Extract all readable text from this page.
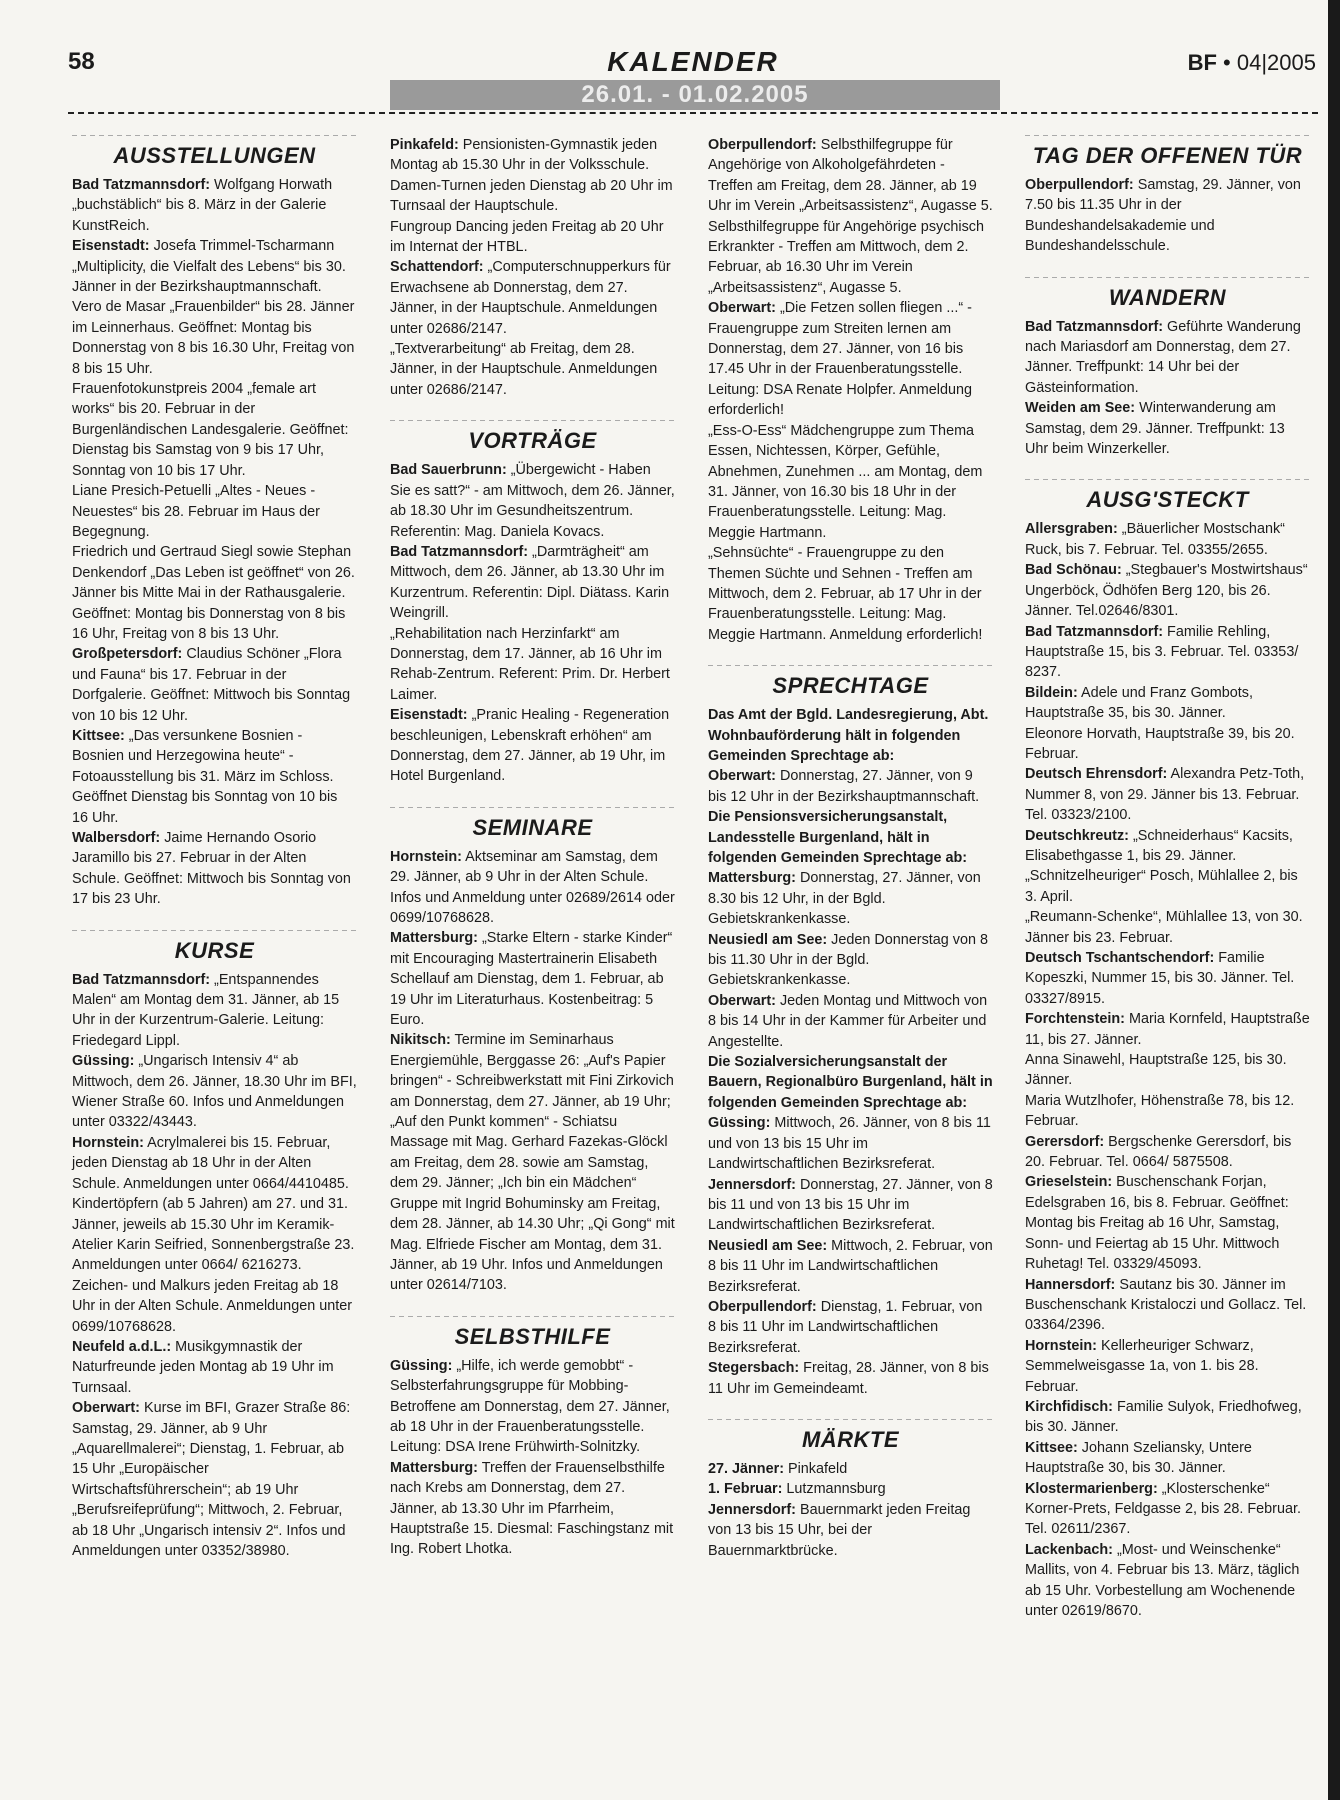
58	KALENDER	BF • 04|2005
26.01. - 01.02.2005
AUSSTELLUNGEN

Bad Tatzmannsdorf: Wolfgang Horwath „buchstäblich“ bis 8. März in der Galerie KunstReich.

Eisenstadt: Josefa Trimmel-Tscharmann „Multiplicity, die Vielfalt des Lebens“ bis 30. Jänner in der Bezirkshauptmannschaft.

Vero de Masar „Frauenbilder“ bis 28. Jänner im Leinnerhaus. Geöffnet: Montag bis Donnerstag von 8 bis 16.30 Uhr, Freitag von 8 bis 15 Uhr.

Frauenfotokunstpreis 2004 „female art works“ bis 20. Februar in der Burgenländischen Landesgalerie. Geöffnet: Dienstag bis Samstag von 9 bis 17 Uhr, Sonntag von 10 bis 17 Uhr.

Liane Presich-Petuelli „Altes - Neues - Neuestes“ bis 28. Februar im Haus der Begegnung.

Friedrich und Gertraud Siegl sowie Stephan Denkendorf „Das Leben ist geöffnet“ von 26. Jänner bis Mitte Mai in der Rathausgalerie. Geöffnet: Montag bis Donnerstag von 8 bis 16 Uhr, Freitag von 8 bis 13 Uhr.

Großpetersdorf: Claudius Schöner „Flora und Fauna“ bis 17. Februar in der Dorfgalerie. Geöffnet: Mittwoch bis Sonntag von 10 bis 12 Uhr.

Kittsee: „Das versunkene Bosnien - Bosnien und Herzegowina heute“ - Fotoausstellung bis 31. März im Schloss. Geöffnet Dienstag bis Sonntag von 10 bis 16 Uhr.

Walbersdorf: Jaime Hernando Osorio Jaramillo bis 27. Februar in der Alten Schule. Geöffnet: Mittwoch bis Sonntag von 17 bis 23 Uhr.

KURSE

Bad Tatzmannsdorf: „Entspannendes Malen“ am Montag dem 31. Jänner, ab 15 Uhr in der Kurzentrum-Galerie. Leitung: Friedegard Lippl.

Güssing: „Ungarisch Intensiv 4“ ab Mittwoch, dem 26. Jänner, 18.30 Uhr im BFI, Wiener Straße 60. Infos und Anmeldungen unter 03322/43443.

Hornstein: Acrylmalerei bis 15. Februar, jeden Dienstag ab 18 Uhr in der Alten Schule. Anmeldungen unter 0664/4410485.

Kindertöpfern (ab 5 Jahren) am 27. und 31. Jänner, jeweils ab 15.30 Uhr im Keramik-Atelier Karin Seifried, Sonnenbergstraße 23. Anmeldungen unter 0664/ 6216273.

Zeichen- und Malkurs jeden Freitag ab 18 Uhr in der Alten Schule. Anmeldungen unter 0699/10768628.

Neufeld a.d.L.: Musikgymnastik der Naturfreunde jeden Montag ab 19 Uhr im Turnsaal.

Oberwart: Kurse im BFI, Grazer Straße 86: Samstag, 29. Jänner, ab 9 Uhr „Aquarellmalerei“; Dienstag, 1. Februar, ab 15 Uhr „Europäischer Wirtschaftsführerschein“; ab 19 Uhr „Berufsreifeprüfung“; Mittwoch, 2. Februar, ab 18 Uhr „Ungarisch intensiv 2“. Infos und Anmeldungen unter 03352/38980.

Pinkafeld: Pensionisten-Gymnastik jeden Montag ab 15.30 Uhr in der Volksschule.

Damen-Turnen jeden Dienstag ab 20 Uhr im Turnsaal der Hauptschule.

Fungroup Dancing jeden Freitag ab 20 Uhr im Internat der HTBL.

Schattendorf: „Computerschnupperkurs für Erwachsene ab Donnerstag, dem 27. Jänner, in der Hauptschule. Anmeldungen unter 02686/2147.

„Textverarbeitung“ ab Freitag, dem 28. Jänner, in der Hauptschule. Anmeldungen unter 02686/2147.

VORTRÄGE

Bad Sauerbrunn: „Übergewicht - Haben Sie es satt?“ - am Mittwoch, dem 26. Jänner, ab 18.30 Uhr im Gesundheitszentrum. Referentin: Mag. Daniela Kovacs.

Bad Tatzmannsdorf: „Darmträgheit“ am Mittwoch, dem 26. Jänner, ab 13.30 Uhr im Kurzentrum. Referentin: Dipl. Diätass. Karin Weingrill.

„Rehabilitation nach Herzinfarkt“ am Donnerstag, dem 17. Jänner, ab 16 Uhr im Rehab-Zentrum. Referent: Prim. Dr. Herbert Laimer.

Eisenstadt: „Pranic Healing - Regeneration beschleunigen, Lebenskraft erhöhen“ am Donnerstag, dem 27. Jänner, ab 19 Uhr, im Hotel Burgenland.

SEMINARE

Hornstein: Aktseminar am Samstag, dem 29. Jänner, ab 9 Uhr in der Alten Schule. Infos und Anmeldung unter 02689/2614 oder 0699/10768628.

Mattersburg: „Starke Eltern - starke Kinder“ mit Encouraging Mastertrainerin Elisabeth Schellauf am Dienstag, dem 1. Februar, ab 19 Uhr im Literaturhaus. Kostenbeitrag: 5 Euro.

Nikitsch: Termine im Seminarhaus Energiemühle, Berggasse 26: „Auf's Papier bringen“ - Schreibwerkstatt mit Fini Zirkovich am Donnerstag, dem 27. Jänner, ab 19 Uhr; „Auf den Punkt kommen“ - Schiatsu Massage mit Mag. Gerhard Fazekas-Glöckl am Freitag, dem 28. sowie am Samstag, dem 29. Jänner; „Ich bin ein Mädchen“ Gruppe mit Ingrid Bohuminsky am Freitag, dem 28. Jänner, ab 14.30 Uhr; „Qi Gong“ mit Mag. Elfriede Fischer am Montag, dem 31. Jänner, ab 19 Uhr. Infos und Anmeldungen unter 02614/7103.

SELBSTHILFE

Güssing: „Hilfe, ich werde gemobbt“ - Selbsterfahrungsgruppe für Mobbing-Betroffene am Donnerstag, dem 27. Jänner, ab 18 Uhr in der Frauenberatungsstelle. Leitung: DSA Irene Frühwirth-Solnitzky.

Mattersburg: Treffen der Frauenselbsthilfe nach Krebs am Donnerstag, dem 27. Jänner, ab 13.30 Uhr im Pfarrheim, Hauptstraße 15. Diesmal: Faschingstanz mit Ing. Robert Lhotka.

Oberpullendorf: Selbsthilfegruppe für Angehörige von Alkoholgefährdeten - Treffen am Freitag, dem 28. Jänner, ab 19 Uhr im Verein „Arbeitsassistenz“, Augasse 5.

Selbsthilfegruppe für Angehörige psychisch Erkrankter - Treffen am Mittwoch, dem 2. Februar, ab 16.30 Uhr im Verein „Arbeitsassistenz“, Augasse 5.

Oberwart: „Die Fetzen sollen fliegen ...“ - Frauengruppe zum Streiten lernen am Donnerstag, dem 27. Jänner, von 16 bis 17.45 Uhr in der Frauenberatungsstelle. Leitung: DSA Renate Holpfer. Anmeldung erforderlich!

„Ess-O-Ess“ Mädchengruppe zum Thema Essen, Nichtessen, Körper, Gefühle, Abnehmen, Zunehmen ... am Montag, dem 31. Jänner, von 16.30 bis 18 Uhr in der Frauenberatungsstelle. Leitung: Mag. Meggie Hartmann.

„Sehnsüchte“ - Frauengruppe zu den Themen Süchte und Sehnen - Treffen am Mittwoch, dem 2. Februar, ab 17 Uhr in der Frauenberatungsstelle. Leitung: Mag. Meggie Hartmann. Anmeldung erforderlich!

SPRECHTAGE

Das Amt der Bgld. Landesregierung, Abt. Wohnbauförderung hält in folgenden Gemeinden Sprechtage ab:

Oberwart: Donnerstag, 27. Jänner, von 9 bis 12 Uhr in der Bezirkshauptmannschaft.

Die Pensionsversicherungsanstalt, Landesstelle Burgenland, hält in folgenden Gemeinden Sprechtage ab:

Mattersburg: Donnerstag, 27. Jänner, von 8.30 bis 12 Uhr, in der Bgld. Gebietskrankenkasse.

Neusiedl am See: Jeden Donnerstag von 8 bis 11.30 Uhr in der Bgld. Gebietskrankenkasse.

Oberwart: Jeden Montag und Mittwoch von 8 bis 14 Uhr in der Kammer für Arbeiter und Angestellte.

Die Sozialversicherungsanstalt der Bauern, Regionalbüro Burgenland, hält in folgenden Gemeinden Sprechtage ab:

Güssing: Mittwoch, 26. Jänner, von 8 bis 11 und von 13 bis 15 Uhr im Landwirtschaftlichen Bezirksreferat.

Jennersdorf: Donnerstag, 27. Jänner, von 8 bis 11 und von 13 bis 15 Uhr im Landwirtschaftlichen Bezirksreferat.

Neusiedl am See: Mittwoch, 2. Februar, von 8 bis 11 Uhr im Landwirtschaftlichen Bezirksreferat.

Oberpullendorf: Dienstag, 1. Februar, von 8 bis 11 Uhr im Landwirtschaftlichen Bezirksreferat.

Stegersbach: Freitag, 28. Jänner, von 8 bis 11 Uhr im Gemeindeamt.

MÄRKTE

27. Jänner: Pinkafeld

1. Februar: Lutzmannsburg

Jennersdorf: Bauernmarkt jeden Freitag von 13 bis 15 Uhr, bei der Bauernmarktbrücke.

TAG DER OFFENEN TÜR

Oberpullendorf: Samstag, 29. Jänner, von 7.50 bis 11.35 Uhr in der Bundeshandelsakademie und Bundeshandelsschule.

WANDERN

Bad Tatzmannsdorf: Geführte Wanderung nach Mariasdorf am Donnerstag, dem 27. Jänner. Treffpunkt: 14 Uhr bei der Gästeinformation.

Weiden am See: Winterwanderung am Samstag, dem 29. Jänner. Treffpunkt: 13 Uhr beim Winzerkeller.

AUSG'STECKT

Allersgraben: „Bäuerlicher Mostschank“ Ruck, bis 7. Februar. Tel. 03355/2655.

Bad Schönau: „Stegbauer's Mostwirtshaus“ Ungerböck, Ödhöfen Berg 120, bis 26. Jänner. Tel.02646/8301.

Bad Tatzmannsdorf: Familie Rehling, Hauptstraße 15, bis 3. Februar. Tel. 03353/ 8237.

Bildein: Adele und Franz Gombots, Hauptstraße 35, bis 30. Jänner.

Eleonore Horvath, Hauptstraße 39, bis 20. Februar.

Deutsch Ehrensdorf: Alexandra Petz-Toth, Nummer 8, von 29. Jänner bis 13. Februar. Tel. 03323/2100.

Deutschkreutz: „Schneiderhaus“ Kacsits, Elisabethgasse 1, bis 29. Jänner.

„Schnitzelheuriger“ Posch, Mühlallee 2, bis 3. April.

„Reumann-Schenke“, Mühlallee 13, von 30. Jänner bis 23. Februar.

Deutsch Tschantschendorf: Familie Kopeszki, Nummer 15, bis 30. Jänner. Tel. 03327/8915.

Forchtenstein: Maria Kornfeld, Hauptstraße 11, bis 27. Jänner.

Anna Sinawehl, Hauptstraße 125, bis 30. Jänner.

Maria Wutzlhofer, Höhenstraße 78, bis 12. Februar.

Gerersdorf: Bergschenke Gerersdorf, bis 20. Februar. Tel. 0664/ 5875508.

Grieselstein: Buschenschank Forjan, Edelsgraben 16, bis 8. Februar. Geöffnet: Montag bis Freitag ab 16 Uhr, Samstag, Sonn- und Feiertag ab 15 Uhr. Mittwoch Ruhetag! Tel. 03329/45093.

Hannersdorf: Sautanz bis 30. Jänner im Buschenschank Kristaloczi und Gollacz. Tel. 03364/2396.

Hornstein: Kellerheuriger Schwarz, Semmelweisgasse 1a, von 1. bis 28. Februar.

Kirchfidisch: Familie Sulyok, Friedhofweg, bis 30. Jänner.

Kittsee: Johann Szeliansky, Untere Hauptstraße 30, bis 30. Jänner.

Klostermarienberg: „Klosterschenke“ Korner-Prets, Feldgasse 2, bis 28. Februar. Tel. 02611/2367.

Lackenbach: „Most- und Weinschenke“ Mallits, von 4. Februar bis 13. März, täglich ab 15 Uhr. Vorbestellung am Wochenende unter 02619/8670.
